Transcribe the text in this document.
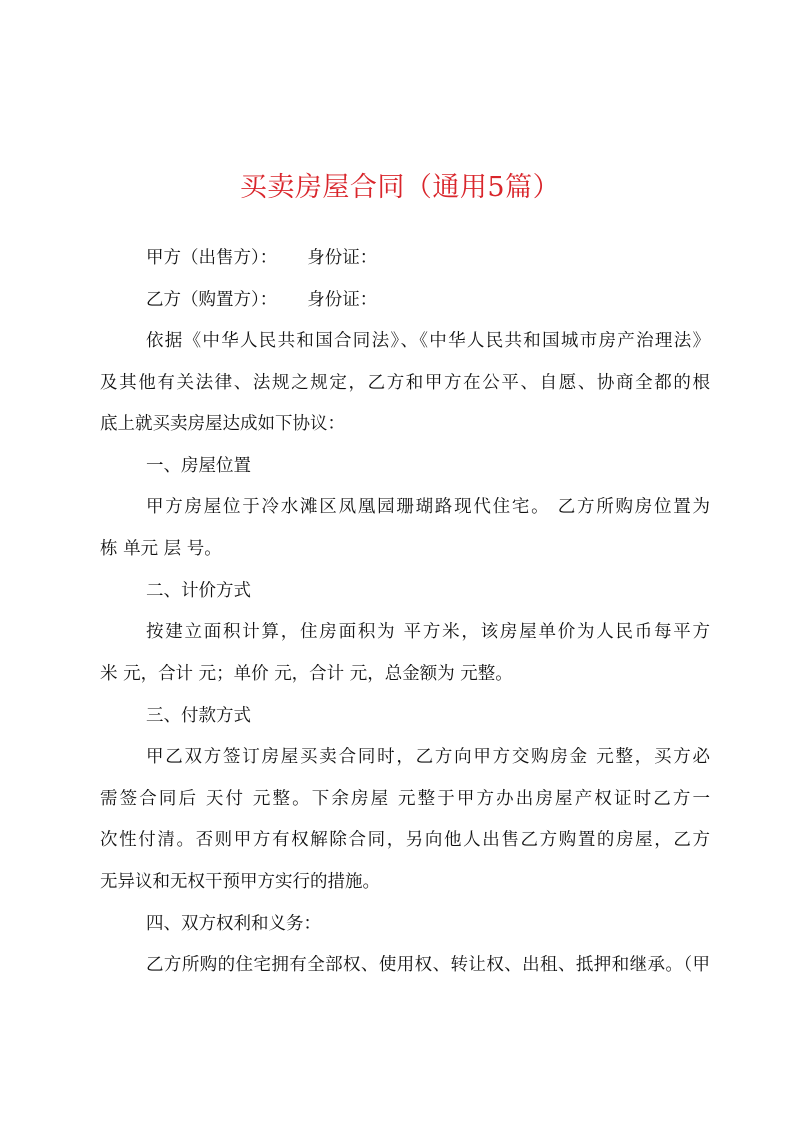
买卖房屋合同（通用5篇）
甲方（出售方）： 身份证：
乙方（购置方）： 身份证：
依据《中华人民共和国合同法》、《中华人民共和国城市房产治理法》
及其他有关法律、法规之规定，乙方和甲方在公平、自愿、协商全都的根
底上就买卖房屋达成如下协议：
一、房屋位置
甲方房屋位于冷水滩区凤凰园珊瑚路现代住宅。 乙方所购房位置为
栋 单元 层 号。
二、计价方式
按建立面积计算，住房面积为 平方米，该房屋单价为人民币每平方
米 元，合计 元；单价 元，合计 元，总金额为 元整。
三、付款方式
甲乙双方签订房屋买卖合同时，乙方向甲方交购房金 元整，买方必
需签合同后 天付 元整。下余房屋 元整于甲方办出房屋产权证时乙方一
次性付清。否则甲方有权解除合同，另向他人出售乙方购置的房屋，乙方
无异议和无权干预甲方实行的措施。
四、双方权利和义务：
乙方所购的住宅拥有全部权、使用权、转让权、出租、抵押和继承。（甲
